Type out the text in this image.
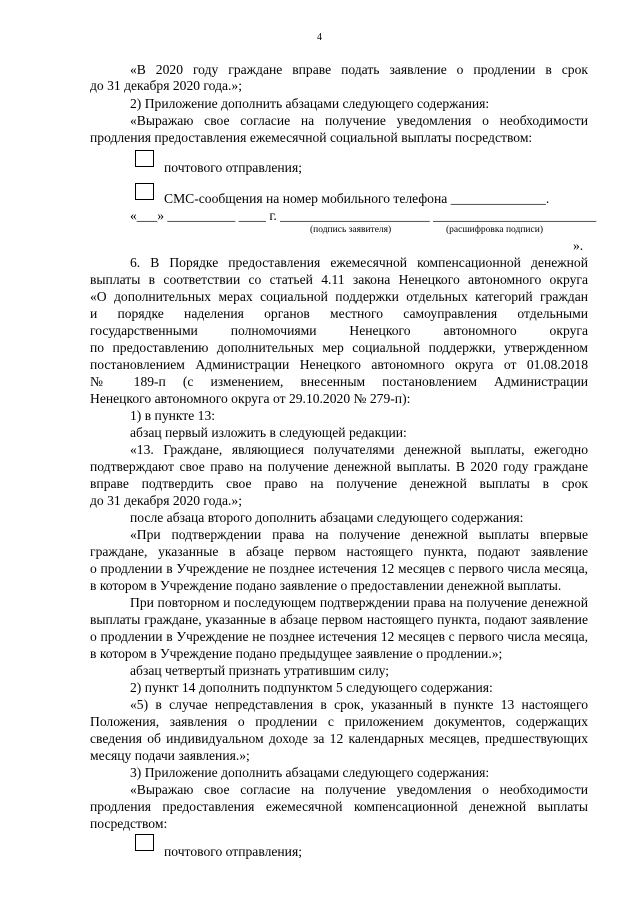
4
«В 2020 году граждане вправе подать заявление о продлении в срок
до 31 декабря 2020 года.»;
2) Приложение дополнить абзацами следующего содержания:
«Выражаю свое согласие на получение уведомления о необходимости
продления предоставления ежемесячной социальной выплаты посредством:
почтового отправления;
СМС-сообщения на номер мобильного телефона ______________.
«___» __________ ____ г. ______________________ ________________________
(подпись заявителя)	(расшифровка подписи)
».
6. В Порядке предоставления ежемесячной компенсационной денежной
выплаты в соответствии со статьей 4.11 закона Ненецкого автономного округа
«О дополнительных мерах социальной поддержки отдельных категорий граждан
и порядке наделения органов местного самоуправления отдельными
государственными полномочиями Ненецкого автономного округа
по предоставлению дополнительных мер социальной поддержки, утвержденном
постановлением Администрации Ненецкого автономного округа от 01.08.2018
№ 189-п (с изменением, внесенным постановлением Администрации
Ненецкого автономного округа от 29.10.2020 № 279-п):
1) в пункте 13:
абзац первый изложить в следующей редакции:
«13. Граждане, являющиеся получателями денежной выплаты, ежегодно
подтверждают свое право на получение денежной выплаты. В 2020 году граждане
вправе подтвердить свое право на получение денежной выплаты в срок
до 31 декабря 2020 года.»;
после абзаца второго дополнить абзацами следующего содержания:
«При подтверждении права на получение денежной выплаты впервые
граждане, указанные в абзаце первом настоящего пункта, подают заявление
о продлении в Учреждение не позднее истечения 12 месяцев с первого числа месяца,
в котором в Учреждение подано заявление о предоставлении денежной выплаты.
При повторном и последующем подтверждении права на получение денежной
выплаты граждане, указанные в абзаце первом настоящего пункта, подают заявление
о продлении в Учреждение не позднее истечения 12 месяцев с первого числа месяца,
в котором в Учреждение подано предыдущее заявление о продлении.»;
абзац четвертый признать утратившим силу;
2) пункт 14 дополнить подпунктом 5 следующего содержания:
«5) в случае непредставления в срок, указанный в пункте 13 настоящего
Положения, заявления о продлении с приложением документов, содержащих
сведения об индивидуальном доходе за 12 календарных месяцев, предшествующих
месяцу подачи заявления.»;
3) Приложение дополнить абзацами следующего содержания:
«Выражаю свое согласие на получение уведомления о необходимости
продления предоставления ежемесячной компенсационной денежной выплаты
посредством:
почтового отправления;
